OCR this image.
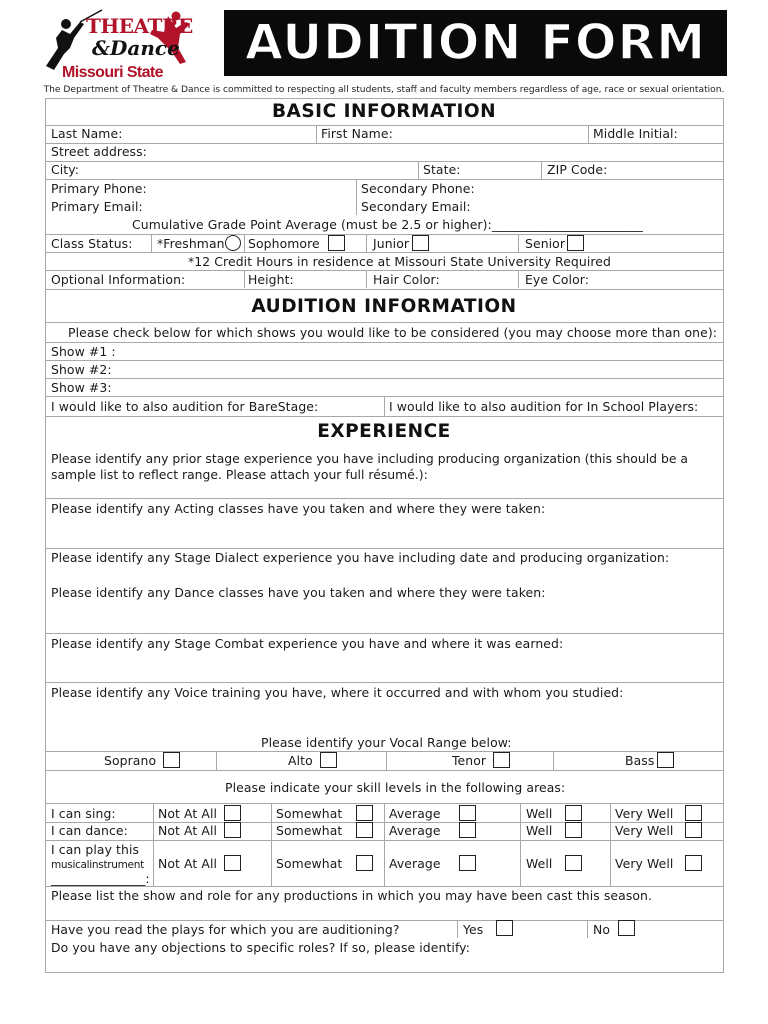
THEATRE
&Dance
Missouri State
AUDITION FORM
The Department of Theatre & Dance is committed to respecting all students, staff and faculty members regardless of age, race or sexual orientation.
BASIC INFORMATION
Last Name:	First Name:	Middle Initial:
Street address:
City:	State:	ZIP Code:
Primary Phone:	Secondary Phone:
Primary Email:	Secondary Email:
Cumulative Grade Point Average (must be 2.5 or higher):________________________
Class Status: *Freshman Sophomore	Junior	Senior
*12 Credit Hours in residence at Missouri State University Required
Optional Information:	Height:	Hair Color:	Eye Color:
AUDITION INFORMATION
Please check below for which shows you would like to be considered (you may choose more than one):
Show #1 :
Show #2:
Show #3:
I would like to also audition for BareStage:	I would like to also audition for In School Players:
EXPERIENCE
Please identify any prior stage experience you have including producing organization (this should be a sample list to reflect range. Please attach your full résumé.):
Please identify any Acting classes have you taken and where they were taken:
Please identify any Stage Dialect experience you have including date and producing organization:
Please identify any Dance classes have you taken and where they were taken:
Please identify any Stage Combat experience you have and where it was earned:
Please identify any Voice training you have, where it occurred and with whom you studied:
Please identify your Vocal Range below:
Soprano	Alto	Tenor	Bass
Please indicate your skill levels in the following areas:
I can sing:	Not At All	Somewhat	Average	Well	Very Well
I can dance: Not At All	Somewhat	Average	Well	Very Well
I can play this
musicalinstrument
_______________:
Not At All	Somewhat	Average	Well	Very Well
Please list the show and role for any productions in which you may have been cast this season.
Have you read the plays for which you are auditioning?	Yes	No
Do you have any objections to specific roles? If so, please identify:
